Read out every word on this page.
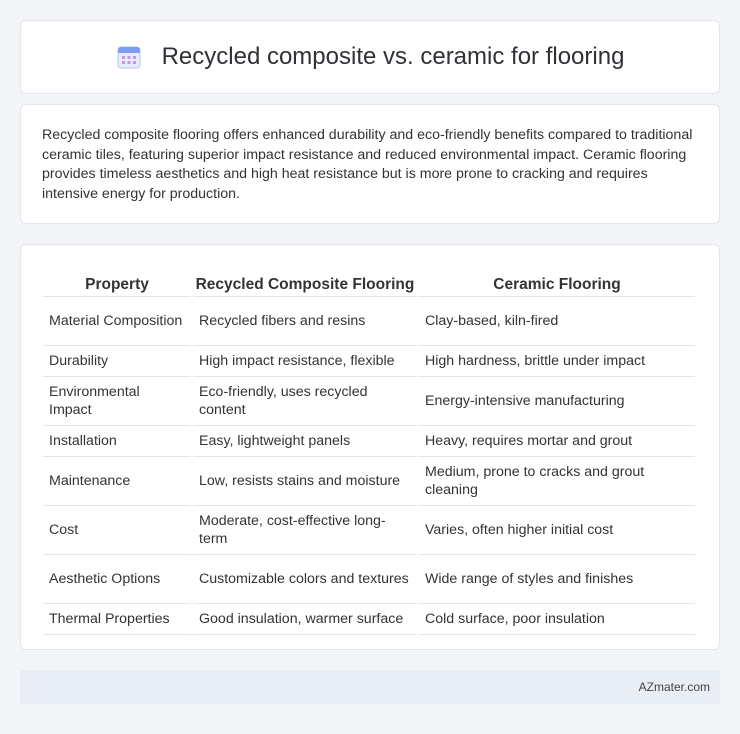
Recycled composite vs. ceramic for flooring

Recycled composite flooring offers enhanced durability and eco-friendly benefits compared to traditional ceramic tiles, featuring superior impact resistance and reduced environmental impact. Ceramic flooring provides timeless aesthetics and high heat resistance but is more prone to cracking and requires intensive energy for production.

Property	Recycled Composite Flooring	Ceramic Flooring
Material Composition	Recycled fibers and resins	Clay-based, kiln-fired
Durability	High impact resistance, flexible	High hardness, brittle under impact
Environmental Impact	Eco-friendly, uses recycled content	Energy-intensive manufacturing
Installation	Easy, lightweight panels	Heavy, requires mortar and grout
Maintenance	Low, resists stains and moisture	Medium, prone to cracks and grout cleaning
Cost	Moderate, cost-effective long-term	Varies, often higher initial cost
Aesthetic Options	Customizable colors and textures	Wide range of styles and finishes
Thermal Properties	Good insulation, warmer surface	Cold surface, poor insulation
AZmater.com
